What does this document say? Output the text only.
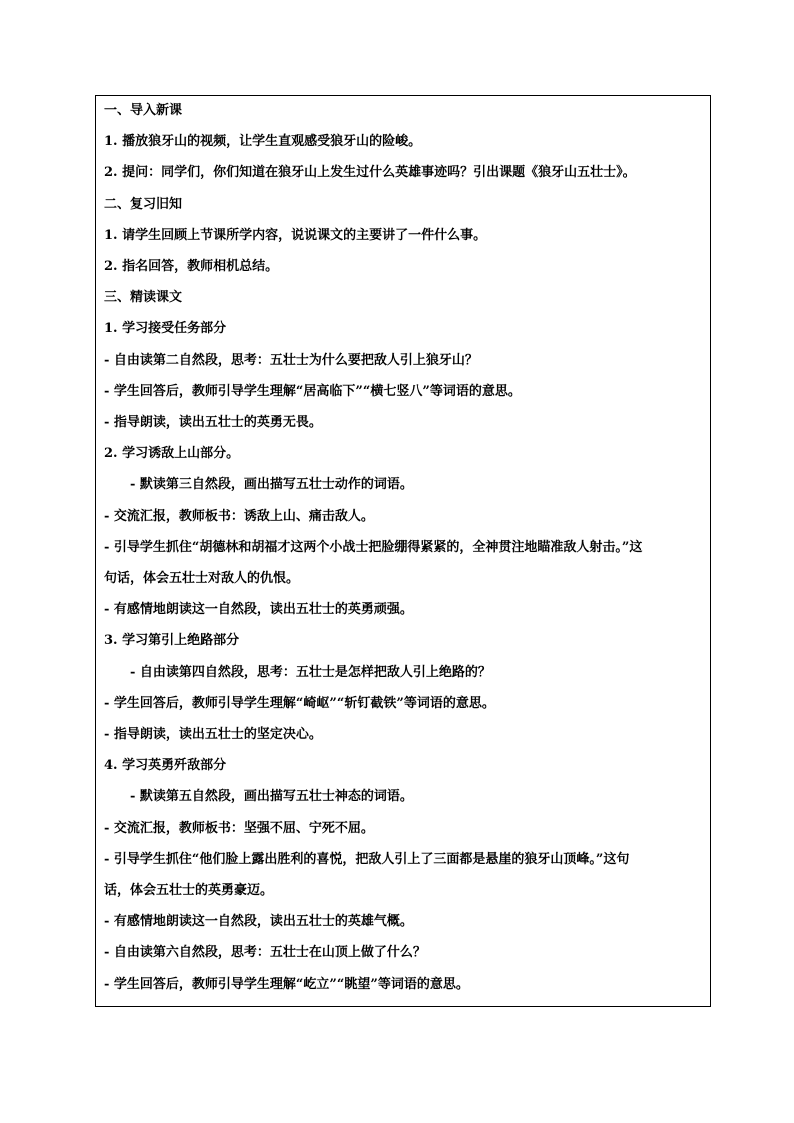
一、导入新课
1. 播放狼牙山的视频，让学生直观感受狼牙山的险峻。
2. 提问：同学们，你们知道在狼牙山上发生过什么英雄事迹吗？引出课题《狼牙山五壮士》。
二、复习旧知
1. 请学生回顾上节课所学内容，说说课文的主要讲了一件什么事。
2. 指名回答，教师相机总结。
三、精读课文
1. 学习接受任务部分
- 自由读第二自然段，思考：五壮士为什么要把敌人引上狼牙山？
- 学生回答后，教师引导学生理解“居高临下”“横七竖八”等词语的意思。
- 指导朗读，读出五壮士的英勇无畏。
2. 学习诱敌上山部分。
- 默读第三自然段，画出描写五壮士动作的词语。
- 交流汇报，教师板书：诱敌上山、痛击敌人。
- 引导学生抓住“胡德林和胡福才这两个小战士把脸绷得紧紧的，全神贯注地瞄准敌人射击。”这
句话，体会五壮士对敌人的仇恨。
- 有感情地朗读这一自然段，读出五壮士的英勇顽强。
3. 学习第引上绝路部分
- 自由读第四自然段，思考：五壮士是怎样把敌人引上绝路的？
- 学生回答后，教师引导学生理解“崎岖”“斩钉截铁”等词语的意思。
- 指导朗读，读出五壮士的坚定决心。
4. 学习英勇歼敌部分
- 默读第五自然段，画出描写五壮士神态的词语。
- 交流汇报，教师板书：坚强不屈、宁死不屈。
- 引导学生抓住“他们脸上露出胜利的喜悦，把敌人引上了三面都是悬崖的狼牙山顶峰。”这句
话，体会五壮士的英勇豪迈。
- 有感情地朗读这一自然段，读出五壮士的英雄气概。
- 自由读第六自然段，思考：五壮士在山顶上做了什么？
- 学生回答后，教师引导学生理解“屹立”“眺望”等词语的意思。
